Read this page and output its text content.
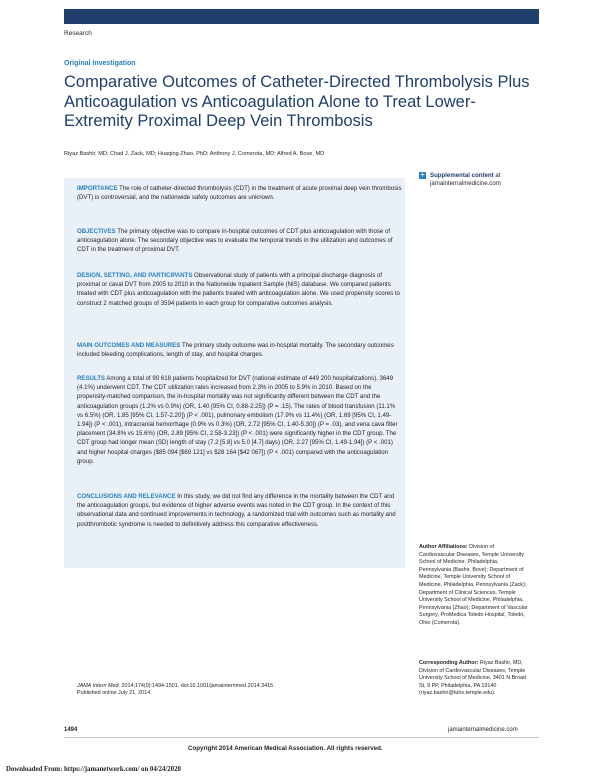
Research
Original Investigation
Comparative Outcomes of Catheter-Directed Thrombolysis Plus Anticoagulation vs Anticoagulation Alone to Treat Lower-Extremity Proximal Deep Vein Thrombosis
Riyaz Bashir, MD; Chad J. Zack, MD; Huaqing Zhao, PhD; Anthony J. Comerota, MD; Alfred A. Bove, MD
IMPORTANCE The role of catheter-directed thrombolysis (CDT) in the treatment of acute proximal deep vein thrombosis (DVT) is controversial, and the nationwide safety outcomes are unknown.
OBJECTIVES The primary objective was to compare in-hospital outcomes of CDT plus anticoagulation with those of anticoagulation alone. The secondary objective was to evaluate the temporal trends in the utilization and outcomes of CDT in the treatment of proximal DVT.
DESIGN, SETTING, AND PARTICIPANTS Observational study of patients with a principal discharge diagnosis of proximal or caval DVT from 2005 to 2010 in the Nationwide Inpatient Sample (NIS) database. We compared patients treated with CDT plus anticoagulation with the patients treated with anticoagulation alone. We used propensity scores to construct 2 matched groups of 3594 patients in each group for comparative outcomes analysis.
MAIN OUTCOMES AND MEASURES The primary study outcome was in-hospital mortality. The secondary outcomes included bleeding complications, length of stay, and hospital charges.
RESULTS Among a total of 90 618 patients hospitalized for DVT (national estimate of 449 200 hospitalizations), 3649 (4.1%) underwent CDT. The CDT utilization rates increased from 2.3% in 2005 to 5.9% in 2010. Based on the propensity-matched comparison, the in-hospital mortality was not significantly different between the CDT and the anticoagulation groups (1.2% vs 0.9%) (OR, 1.40 [95% CI, 0.88-2.25]) (P = .15). The rates of blood transfusion (11.1% vs 6.5%) (OR, 1.85 [95% CI, 1.57-2.20]) (P < .001), pulmonary embolism (17.9% vs 11.4%) (OR, 1.69 [95% CI, 1.49-1.94]) (P < .001), intracranial hemorrhage (0.9% vs 0.3%) (OR, 2.72 [95% CI, 1.40-5.30]) (P = .03), and vena cava filter placement (34.8% vs 15.6%) (OR, 2.89 [95% CI, 2.58-3.23]) (P < .001) were significantly higher in the CDT group. The CDT group had longer mean (SD) length of stay (7.2 [5.8] vs 5.0 [4.7] days) (OR, 2.27 [95% CI, 1.49-1.94]) (P < .001) and higher hospital charges ($85 094 [$69 121] vs $28 164 [$42 067]) (P < .001) compared with the anticoagulation group.
CONCLUSIONS AND RELEVANCE In this study, we did not find any difference in the mortality between the CDT and the anticoagulation groups, but evidence of higher adverse events was noted in the CDT group. In the context of this observational data and continued improvements in technology, a randomized trial with outcomes such as mortality and postthrombotic syndrome is needed to definitively address this comparative effectiveness.
+ Supplemental content at jamainternalmedicine.com
Author Affiliations: Division of Cardiovascular Diseases, Temple University School of Medicine, Philadelphia, Pennsylvania (Bashir, Bove); Department of Medicine, Temple University School of Medicine, Philadelphia, Pennsylvania (Zack); Department of Clinical Sciences, Temple University School of Medicine, Philadelphia, Pennsylvania (Zhao); Department of Vascular Surgery, ProMedica Toledo Hospital, Toledo, Ohio (Comerota).
Corresponding Author: Riyaz Bashir, MD, Division of Cardiovascular Diseases, Temple University School of Medicine, 3401 N Broad St, 9 PP, Philadelphia, PA 19140 (riyaz.bashir@tuhs.temple.edu).
JAMA Intern Med. 2014;174(9):1494-1501. doi:10.1001/jamainternmed.2014.3415
Published online July 21, 2014.
1494	jamainternalmedicine.com
Copyright 2014 American Medical Association. All rights reserved.
Downloaded From: https://jamanetwork.com/ on 04/24/2020
